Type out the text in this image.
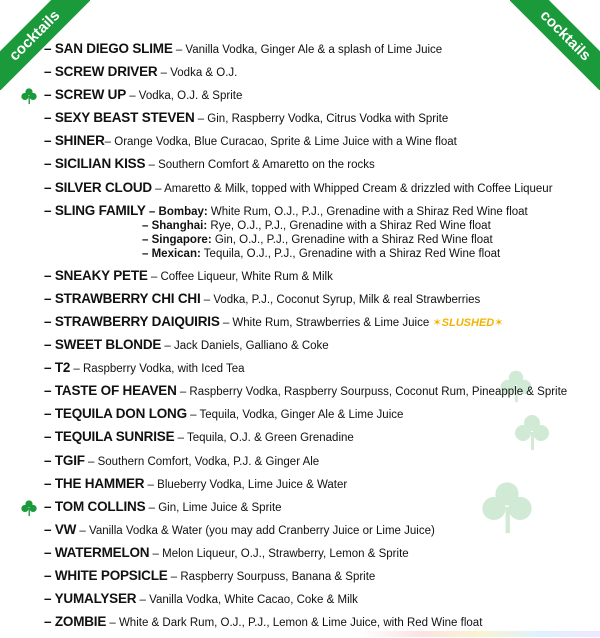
cocktails	cocktails
– SAN DIEGO SLIME – Vanilla Vodka, Ginger Ale & a splash of Lime Juice
– SCREW DRIVER – Vodka & O.J.
– SCREW UP – Vodka, O.J. & Sprite
– SEXY BEAST STEVEN – Gin, Raspberry Vodka, Citrus Vodka with Sprite
– SHINER– Orange Vodka, Blue Curacao, Sprite & Lime Juice with a Wine float
– SICILIAN KISS – Southern Comfort & Amaretto on the rocks
– SILVER CLOUD – Amaretto & Milk, topped with Whipped Cream & drizzled with Coffee Liqueur
– SLING FAMILY – Bombay: White Rum, O.J., P.J., Grenadine with a Shiraz Red Wine float
– Shanghai: Rye, O.J., P.J., Grenadine with a Shiraz Red Wine float
– Singapore: Gin, O.J., P.J., Grenadine with a Shiraz Red Wine float
– Mexican: Tequila, O.J., P.J., Grenadine with a Shiraz Red Wine float
– SNEAKY PETE – Coffee Liqueur, White Rum & Milk
– STRAWBERRY CHI CHI – Vodka, P.J., Coconut Syrup, Milk & real Strawberries
– STRAWBERRY DAIQUIRIS – White Rum, Strawberries & Lime Juice ✶SLUSHED✶
– SWEET BLONDE – Jack Daniels, Galliano & Coke
– T2 – Raspberry Vodka, with Iced Tea
– TASTE OF HEAVEN – Raspberry Vodka, Raspberry Sourpuss, Coconut Rum, Pineapple & Sprite
– TEQUILA DON LONG – Tequila, Vodka, Ginger Ale & Lime Juice
– TEQUILA SUNRISE – Tequila, O.J. & Green Grenadine
– TGIF – Southern Comfort, Vodka, P.J. & Ginger Ale
– THE HAMMER – Blueberry Vodka, Lime Juice & Water
– TOM COLLINS – Gin, Lime Juice & Sprite
– VW – Vanilla Vodka & Water (you may add Cranberry Juice or Lime Juice)
– WATERMELON – Melon Liqueur, O.J., Strawberry, Lemon & Sprite
– WHITE POPSICLE – Raspberry Sourpuss, Banana & Sprite
– YUMALYSER – Vanilla Vodka, White Cacao, Coke & Milk
– ZOMBIE – White & Dark Rum, O.J., P.J., Lemon & Lime Juice, with Red Wine float
